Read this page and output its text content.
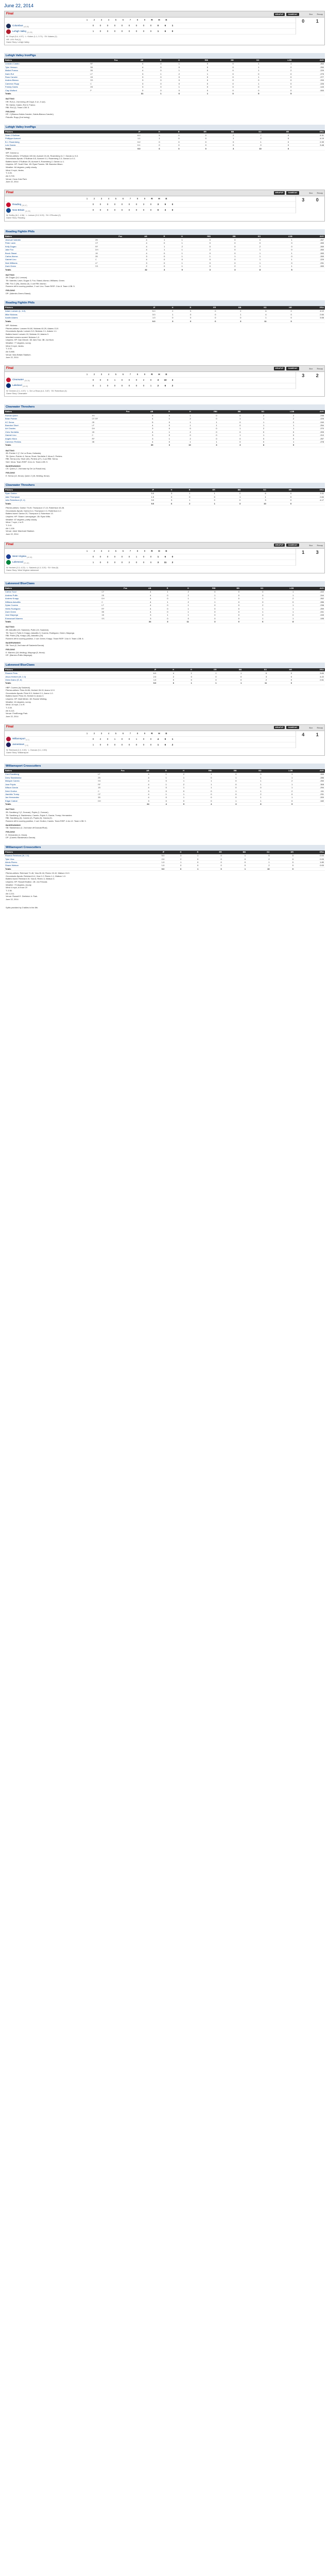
June 22, 2014
Final	WRAPUP	GAMEDAY	Box Recap
1	2	3	4	5	6	7	8	9	R	H	E
Columbus $_{(43-35)}$	0	0	0	0	0	0	0	0	0	0	6	1
Lehigh Valley $_{(41-39)}$	1	0	0	0	0	0	0	0	X	1	6	0
0	1
W: Cloyd (5-4, 4.57) · L: Kluber (1-1, 3.71) · SV: Adams (1)
HR: LHV: Ruf (1)
Game Story: Lehigh Valley
Lehigh Valley IronPigs
Batters	Pos	AB	R	H	RBI	BB	SO	LOB	AVG
Leandro Castro	RF	4	0	1	0	0	1	1	.264
Tyler Henson	3B	4	0	0	0	0	1	2	.250
Maikel Franco	3B	4	0	1	0	0	1	2	.229
Darin Ruf	LF	3	1	2	1	0	0	0	.275
Russ Canzler	1B	3	0	0	0	0	1	0	.277
Andres Blanco	SS	3	0	0	0	0	0	0	.293
Cameron Rupp	C	3	0	0	0	0	1	0	.226
Freddy Galvis	2B	3	0	1	0	0	0	0	.143
Clay Wolford	P	0	0	0	0	0	0	0	.000
Totals		31	1	6	1	0	5	5	
BATTING
HR: Ruf (1, 2nd inning off Cloyd, 0 on, 0 out).
TB: Galvis; Castro; Ruf 4; Franco.
RBI: Ruf (1). Team LOB: 5.
FIELDING
DP: 2 (Blanco-Galvis-Canzler, Galvis-Blanco-Canzler).
Pickoffs: Rupp (2nd inning).
Lehigh Valley IronPigs
Pitchers		IP	H	R	ER	BB	SO	HR	ERA
Sean O'Sullivan		6.2	5	0	0	2	7	0	4.31
Phillippe Aumont		1.1	1	0	0	1	2	0	4.19
B.J. Rosenberg		0.2	0	0	0	0	1	0	2.39
Luis Garcia		0.1	0	0	0	0	0	0	3.48
Totals		9.0	6	0	0	3	10	0	
WP: Garcia Lu.
Pitches-strikes: O'Sullivan 100-64, Aumont 24-16, Rosenberg 11-7, Garcia Lu 5-3.
Groundouts-flyouts: O'Sullivan 8-5, Aumont 0-1, Rosenberg 1-0, Garcia Lu 0-1.
Batters faced: O'Sullivan 25, Aumont 5, Rosenberg 2, Garcia Lu 1.
Umpires: HP: Scott Cline. 1B: Ryan Powers. 3B: Brandon Misun.
Weather: 84 degrees, partly cloudy.
Wind: 9 mph, Varies.
T: 2:25.
Att: 9,709.
Venue: Coca-Cola Park.
June 22, 2014
Final	WRAPUP	GAMEDAY	Box Recap
1	2	3	4	5	6	7	8	9	R	H	E
Reading $_{(39-37)}$	0	0	0	0	0	0	0	3	0	3	9	0
New Britain $_{(41-35)}$	0	0	0	0	0	0	0	0	0	0	3	0
3	0
W: Duffey (6-2, 4.36) · L: Leeson (3-3, 5.29) · SV: O'Rourke (2)
Game Story: Reading
Reading Fightin Phils
Batters	Pos	AB	R	H	RBI	BB	SO	LOB	AVG
Jesmuel Valentin	2B	4	1	1	0	0	0	1	.267
Peter Lavin	CF	4	0	1	0	0	0	0	.283
Kelly Dugan	RF	4	1	2	0	0	2	0	.269
Jake Fox	DH	4	1	1	2	0	1	0	.260
Brock Stassi	1B	4	0	1	0	0	1	1	.283
Carlos Alonso	3B	3	0	1	1	1	1	0	.269
Gabriel Lino	C	4	0	0	0	0	1	1	.229
Nick Williams	LF	3	0	1	0	0	1	0	.231
Zach Green	SS	2	0	1	0	2	1	1	.283
Totals		32	3	9	3	3	8	5	
BATTING
2B: Dugan (14, Leeson).
TB: Valentin; Lavin; Dugan 3; Fox; Stassi; Alonso; Williams; Green.
RBI: Fox 2 (26), Alonso (5). 2-out RBI: Alonso.
Runners left in scoring position, 2 out: Lino. Team RISP: 2-for-8. Team LOB: 5.
FIELDING
DP: (Valentin-Green-Stassi).
Reading Fightin Phils
Pitchers		IP	H	R	ER	BB	SO	HR	ERA
Adam Loewen (L, 6-5)		5.0	2	0	0	2	6	0	4.12
Mike Nickeas		3.0	1	0	0	1	4	0	2.84
Austin Adams		1.0	0	0	0	0	1	0	3.58
Totals		9.0	3	0	0	3	11	0	
WP: Nickeas.
Pitches-strikes: Loewen 94-60, Nickeas 40-29, Adams 13-9.
Groundouts-flyouts: Loewen 5-3, Nickeas 2-1, Adams 1-1.
Batters faced: Loewen 19, Nickeas 10, Adams 3.
Inherited runners-scored: Nickeas 1-0.
Umpires: HP: Dan Merzel. 1B: Alex Tosi. 3B: Joe Born.
Weather: 77 degrees, sunny.
Wind: 5 mph, Varies.
T: 2:33.
Att: 5,988.
Venue: New Britain Stadium.
June 22, 2014
Final	WRAPUP	GAMEDAY	Box Recap
1	2	3	4	5	6	7	8	9	R	H	E
Clearwater $_{(35-38)}$	0	0	0	1	0	0	0	2	0	3	10	3
Lakeland $_{(40-33)}$	0	1	0	0	0	0	0	0	1	2	6	2
3	2
W: Germen (2-1, 4.57) · L: De La Rosa (4-4, 3.87) · SV: Robertson (4)
Game Story: Clearwater
Clearwater Threshers
Batters	Pos	AB	R	H	RBI	BB	SO	LOB	AVG
Roman Quinn	SS	5	0	1	0	0	2	2	.238
Brian Pointer	CF-RF	4	1	2	0	1	1	2	.225
KC Serna	2B	5	0	1	1	0	1	2	.240
Brandon Short	LF	4	0	1	1	0	1	1	.254
Art Charles	DH	3	0	0	0	1	2	1	.270
Chris Serritella	1B	4	1	2	0	0	0	0	.205
Gabriel Lino	C	3	0	0	0	1	1	0	.210
Angelo Mora	RF	3	1	2	0	0	0	0	.257
Cameron Perkins	3B	4	0	1	1	0	0	1	.278
Totals		35	3	10	3	3	8	9	
BATTING
2B: Pointer 2 (7, De La Rosa, Hollands).
TB: Quinn; Pointer 4; Serna; Short; Serritella 2; Mora 2; Perkins.
RBI: Serna (14), Short (32), Perkins (27). 2-out RBI: Serna.
SAC: Mora. Team RISP: 3-for-11. Team LOB: 9.
BASERUNNING
CS: Quinn (7, 2nd base by De La Rosa/Lino).
FIELDING
E: Serna (12, throw), Quinn 2 (15, fielding, throw).
Clearwater Threshers
Pitchers		IP	H	R	ER	BB	SO	HR	ERA
Ryan Garton		5.0	3	1	1	2	6	0	3.11
Jake Thompson		1.0	0	0	0	1	1	0	2.84
Julio Robertson (S, 4)		3.0	3	1	0	0	3	0	4.17
Totals		9.0	6	2	1	3	10	0	
Pitches-strikes: Garton 79-49, Thompson 17-10, Robertson 43-28.
Groundouts-flyouts: Garton 6-4, Thompson 2-0, Robertson 4-2.
Batters faced: Garton 20, Thompson 4, Robertson 13.
Umpires: HP: Shane Livensparger. 1B: Ryan Wills.
Weather: 87 degrees, partly cloudy.
Wind: 7 mph, L to R.
T: 2:41.
Att: 1,106.
Venue: Joker Marchant Stadium.
June 22, 2014
Final	WRAPUP	GAMEDAY	Box Recap
1	2	3	4	5	6	7	8	9	R	H	E
West Virginia $_{(40-35)}$	0	0	0	0	0	0	1	0	0	1	6	0
Lakewood $_{(31-44)}$	1	0	0	0	0	2	0	0	X	3	11	2
1	3
W: Herbert (2-3, 4.22) · L: Sadzeck (4-3, 3.20) · SV: Viza (6)
Game Story: West Virginia Lakewood
Lakewood BlueClaws
Batters	Pos	AB	R	H	RBI	BB	SO	LOB	AVG
Carlos Tocci	CF	4	1	2	0	0	0	1	.222
Andrew Pullin	2B	4	0	2	1	0	0	1	.244
Andrew Knapp	DH	4	0	1	1	0	1	2	.262
Willians Astudillo	C	4	1	2	1	0	0	0	.286
Dylan Cozens	LF	4	0	1	0	0	2	1	.238
Herlis Rodriguez	RF	4	0	1	0	0	1	1	.259
Zach Green	3B	4	0	1	0	0	1	1	.241
Jose Mayorga	1B	3	1	1	0	0	0	0	.245
Emmanuel Marrero	SS	3	0	0	0	0	1	1	.195
Totals		34	3	11	3	0	6	8	
BATTING
2B: Astudillo (13, Sadzeck), Pullin (10, Sadzeck).
TB: Tocci 2; Pullin 3; Knapp; Astudillo 3; Cozens; Rodriguez; Green; Mayorga.
RBI: Pullin (25), Knapp (18), Astudillo (24).
Runners left in scoring position, 2 out: Green; Knapp. Team RISP: 3-for-9. Team LOB: 8.
BASERUNNING
SB: Tocci (8, 2nd base off Sadzeck/Garcia).
FIELDING
E: Marrero (18, fielding), Mayorga (5, throw).
DP: (Marrero-Pullin-Mayorga).
Lakewood BlueClaws
Pitchers		IP	H	R	ER	BB	SO	HR	ERA
Ricardo Pinto		6.0	4	1	1	1	6	0	3.84
Jesus Herbert (W, 2-3)		2.0	2	0	0	0	3	0	4.22
Victor Arano (S, 6)		1.0	0	0	0	0	2	0	2.61
Totals		9.0	6	1	1	1	11	0	
HBP: Cozens (by Sadzeck).
Pitches-strikes: Pinto 84-56, Herbert 28-19, Arano 12-9.
Groundouts-flyouts: Pinto 5-5, Herbert 2-1, Arano 1-0.
Batters faced: Pinto 23, Herbert 8, Arano 3.
Umpires: HP: Matt Winter. 1B: Ronnie Whiting.
Weather: 81 degrees, sunny.
Wind: 10 mph, L to R.
T: 2:28.
Att: 6,113.
Venue: FirstEnergy Park.
June 22, 2014
Final	WRAPUP	GAMEDAY	Box Recap
1	2	3	4	5	6	7	8	9	R	H	E
Williamsport $_{(4-1)}$	0	2	0	1	0	0	1	0	0	4	9	1
Jamestown $_{(2-3)}$	1	0	0	0	0	0	0	0	0	1	6	2
4	1
W: Reinhard (2-0, 0.00) · L: Duncan (0-1, 4.50)
Game Story: Williamsport
Williamsport Crosscutters
Batters	Pos	AB	R	H	RBI	BB	SO	LOB	AVG
Cord Sandberg	LF	4	1	2	1	0	0	1	.333
Drew Stankiewicz	2B	4	1	1	0	1	1	1	.286
Malquin Canelo	SS	4	0	1	1	0	1	2	.250
Jose Pujols	RF	4	1	2	1	0	1	1	.308
Wilson Garcia	1B	4	0	1	1	0	0	1	.294
Deivi Grullon	C	3	0	0	0	1	1	2	.111
Jiandido Tromp	CF	4	1	1	0	0	2	0	.231
Jan Hernandez	3B	4	0	1	0	0	1	1	.200
Edgar Cabral	DH	3	0	0	0	1	1	0	.182
Totals		34	4	9	4	3	8	9	
BATTING
2B: Sandberg 2 (2, Duncan), Pujols (1, Duncan).
TB: Sandberg 4; Stankiewicz; Canelo; Pujols 3; Garcia; Tromp; Hernandez.
RBI: Sandberg (3), Canelo (2), Pujols (3), Garcia (2).
Runners left in scoring position, 2 out: Grullon; Canelo. Team RISP: 4-for-12. Team LOB: 9.
BASERUNNING
SB: Stankiewicz (2, 2nd base off Duncan/Ruiz).
FIELDING
E: Hernandez (1, throw).
DP: (Canelo-Stankiewicz-Garcia).
Williamsport Crosscutters
Pitchers		IP	H	R	ER	BB	SO	HR	ERA
Ricardo Reinhard (W, 2-0)		5.0	3	1	0	1	5	0	0.00
Tyler Viza		2.0	2	0	0	0	2	0	0.00
Alexis Rivero		1.0	1	0	0	0	1	0	1.80
Shane Watson		1.0	0	0	0	0	2	0	0.00
Totals		9.0	6	1	0	1	10	0	
Pitches-strikes: Reinhard 71-46, Viza 26-18, Rivero 15-10, Watson 13-9.
Groundouts-flyouts: Reinhard 6-4, Viza 2-2, Rivero 1-1, Watson 1-0.
Batters faced: Reinhard 19, Viza 8, Rivero 4, Watson 3.
Umpires: HP: Russell Bratton. 1B: Jon Felczak.
Weather: 73 degrees, cloudy.
Wind: 6 mph, In from CF.
T: 2:36.
Att: 2,211.
Venue: Russell E. Diethrick Jr. Park.
June 22, 2014
Splits provided by 3 tallies in the 8th.
